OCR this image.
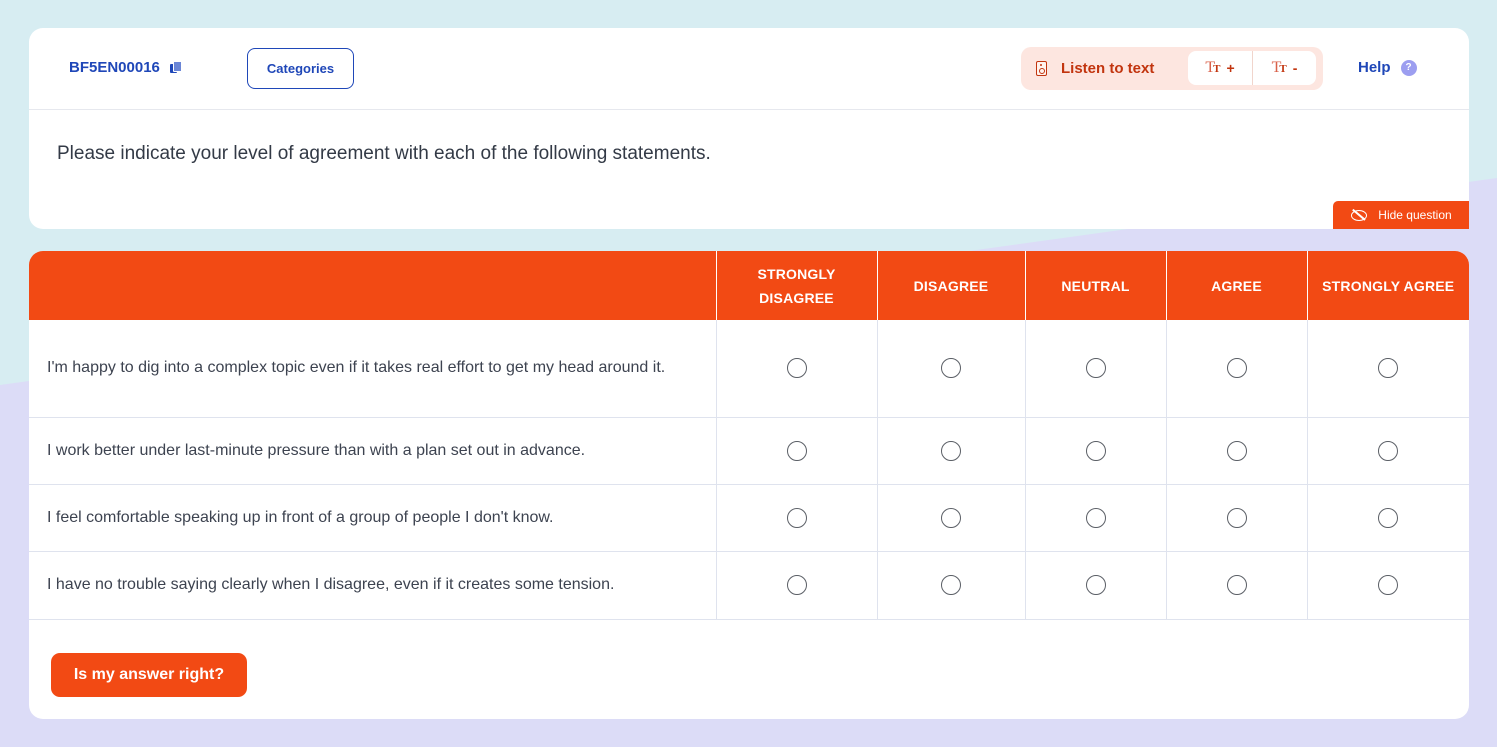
BF5EN00016	Categories	Listen to text	TT + TT -	Help	?
Please indicate your level of agreement with each of the following statements.
Hide question
	STRONGLY DISAGREE	DISAGREE	NEUTRAL	AGREE	STRONGLY AGREE
I'm happy to dig into a complex topic even if it takes real effort to get my head around it.					
I work better under last-minute pressure than with a plan set out in advance.					
I feel comfortable speaking up in front of a group of people I don't know.					
I have no trouble saying clearly when I disagree, even if it creates some tension.					
Is my answer right?
